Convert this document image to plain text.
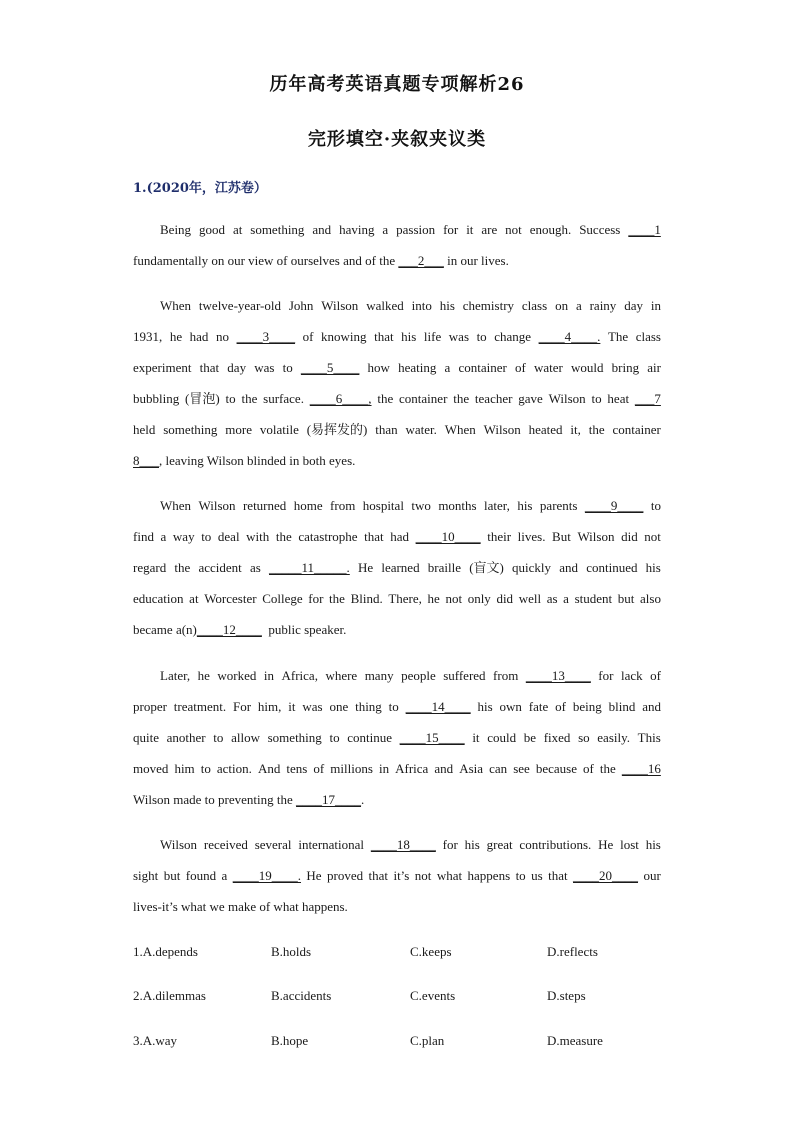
历年高考英语真题专项解析26
完形填空·夹叙夹议类
1.(2020年，江苏卷）
Being good at something and having a passion for it are not enough. Success ____1
fundamentally on our view of ourselves and of the ___2___ in our lives.
When twelve-year-old John Wilson walked into his chemistry class on a rainy day in
1931, he had no ____3____ of knowing that his life was to change ____4____. The class
experiment that day was to ____5____ how heating a container of water would bring air
bubbling (冒泡) to the surface. ____6____, the container the teacher gave Wilson to heat ___7
held something more volatile (易挥发的) than water. When Wilson heated it, the container
8___ , leaving Wilson blinded in both eyes.
When Wilson returned home from hospital two months later, his parents ____9____ to
find a way to deal with the catastrophe that had ____10____ their lives. But Wilson did not
regard the accident as _____11_____. He learned braille (盲文) quickly and continued his
education at Worcester College for the Blind. There, he not only did well as a student but also
became a(n) ____12____ public speaker.
Later, he worked in Africa, where many people suffered from ____13____ for lack of
proper treatment. For him, it was one thing to ____14____ his own fate of being blind and
quite another to allow something to continue ____15____ it could be fixed so easily. This
moved him to action. And tens of millions in Africa and Asia can see because of the ____16
Wilson made to preventing the ____17____ .
Wilson received several international ____18____ for his great contributions. He lost his
sight but found a ____19____. He proved that it’s not what happens to us that ____20____ our
lives-it’s what we make of what happens.
1.A.depends	B.holds	C.keeps	D.reflects
2.A.dilemmas	B.accidents	C.events	D.steps
3.A.way	B.hope	C.plan	D.measure
